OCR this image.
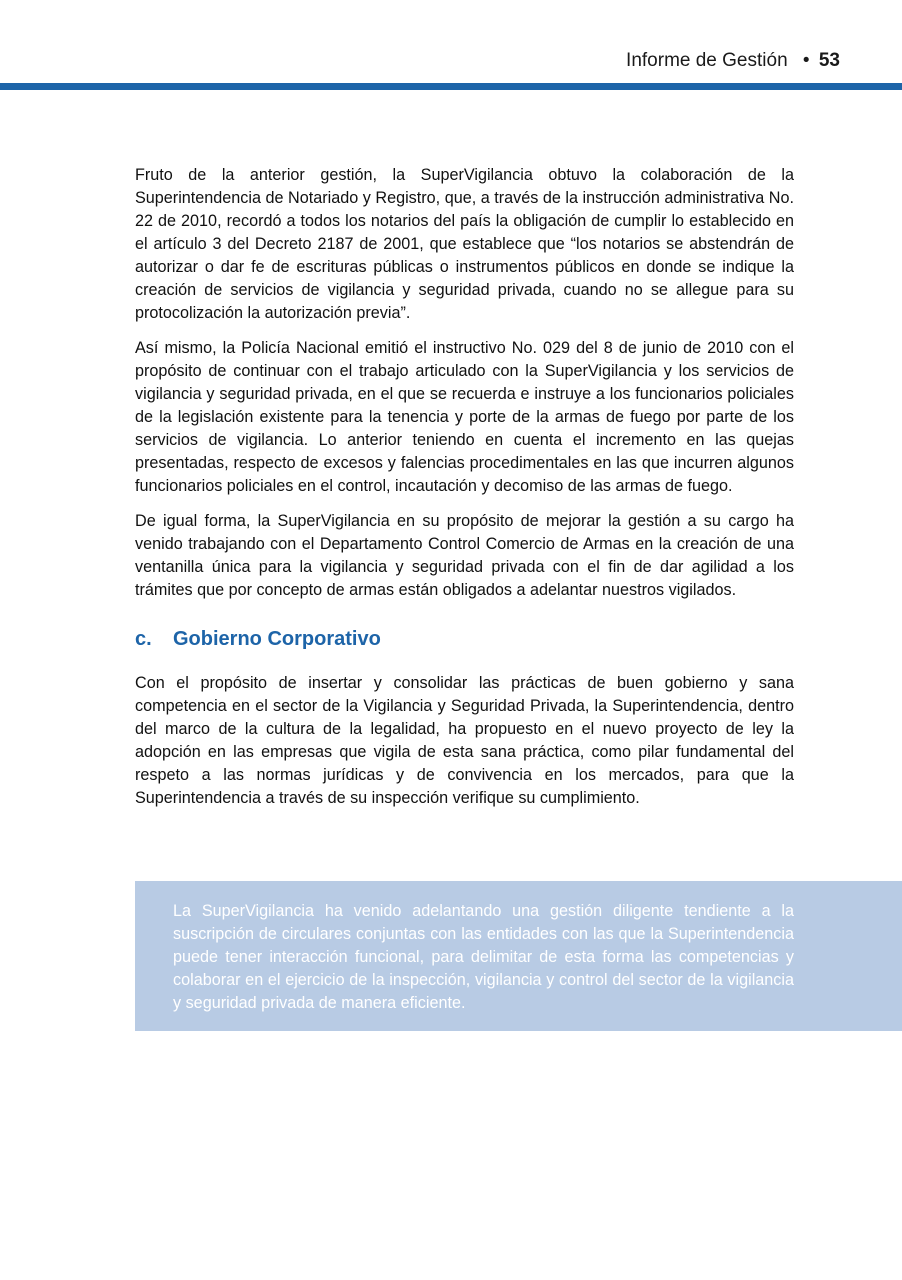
Informe de Gestión • 53

Fruto de la anterior gestión, la SuperVigilancia obtuvo la colaboración de la Superintendencia de Notariado y Registro, que, a través de la instrucción administrativa No. 22 de 2010, recordó a todos los notarios del país la obligación de cumplir lo establecido en el artículo 3 del Decreto 2187 de 2001, que establece que “los notarios se abstendrán de autorizar o dar fe de escrituras públicas o instrumentos públicos en donde se indique la creación de servicios de vigilancia y seguridad privada, cuando no se allegue para su protocolización la autorización previa”.

Así mismo, la Policía Nacional emitió el instructivo No. 029 del 8 de junio de 2010 con el propósito de continuar con el trabajo articulado con la SuperVigilancia y los servicios de vigilancia y seguridad privada, en el que se recuerda e instruye a los funcionarios policiales de la legislación existente para la tenencia y porte de la armas de fuego por parte de los servicios de vigilancia. Lo anterior teniendo en cuenta el incremento en las quejas presentadas, respecto de excesos y falencias procedimentales en las que incurren algunos funcionarios policiales en el control, incautación y decomiso de las armas de fuego.

De igual forma, la SuperVigilancia en su propósito de mejorar la gestión a su cargo ha venido trabajando con el Departamento Control Comercio de Armas en la creación de una ventanilla única para la vigilancia y seguridad privada con el fin de dar agilidad a los trámites que por concepto de armas están obligados a adelantar nuestros vigilados.

c. Gobierno Corporativo

Con el propósito de insertar y consolidar las prácticas de buen gobierno y sana competencia en el sector de la Vigilancia y Seguridad Privada, la Superintendencia, dentro del marco de la cultura de la legalidad, ha propuesto en el nuevo proyecto de ley la adopción en las empresas que vigila de esta sana práctica, como pilar fundamental del respeto a las normas jurídicas y de convivencia en los mercados, para que la Superintendencia a través de su inspección verifique su cumplimiento.

La SuperVigilancia ha venido adelantando una gestión diligente tendiente a la suscripción de circulares conjuntas con las entidades con las que la Superintendencia puede tener interacción funcional, para delimitar de esta forma las competencias y colaborar en el ejercicio de la inspección, vigilancia y control del sector de la vigilancia y seguridad privada de manera eficiente.
